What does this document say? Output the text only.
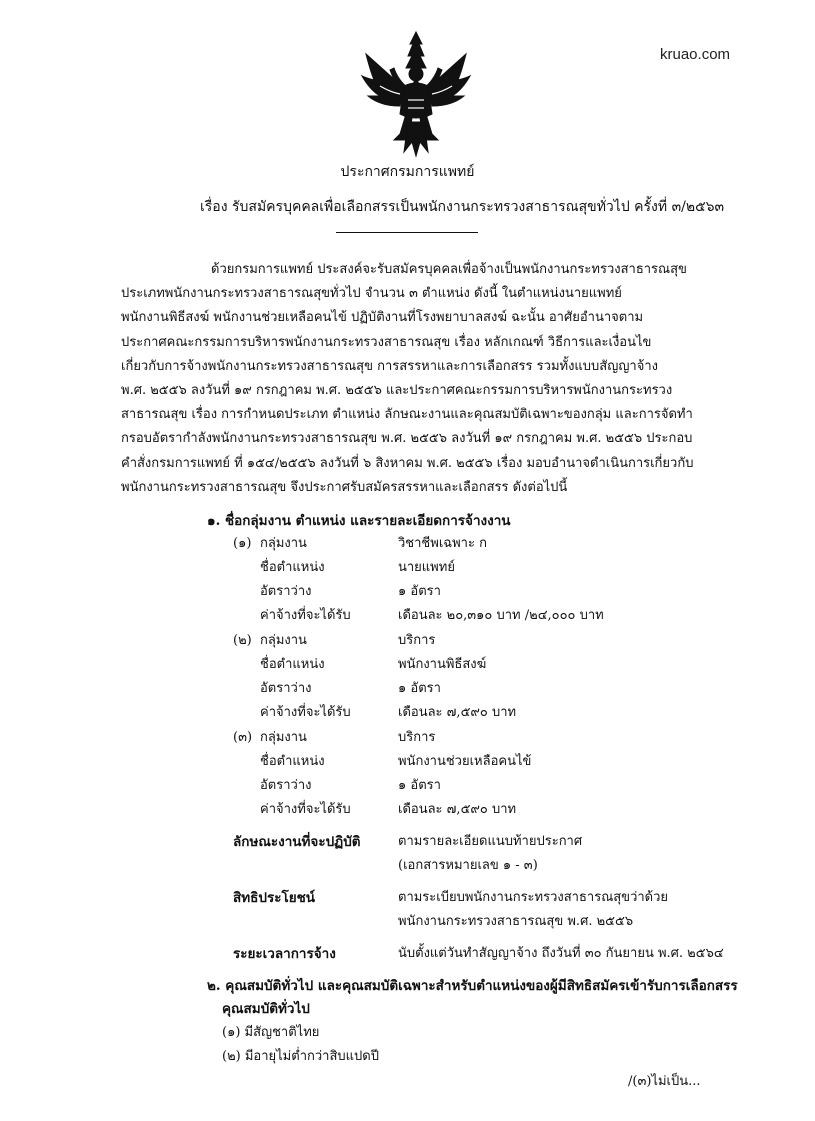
kruao.com
ประกาศกรมการแพทย์
เรื่อง รับสมัครบุคคลเพื่อเลือกสรรเป็นพนักงานกระทรวงสาธารณสุขทั่วไป ครั้งที่ ๓/๒๕๖๓
ด้วยกรมการแพทย์ ประสงค์จะรับสมัครบุคคลเพื่อจ้างเป็นพนักงานกระทรวงสาธารณสุข
ประเภทพนักงานกระทรวงสาธารณสุขทั่วไป จำนวน ๓ ตำแหน่ง ดังนี้ ในตำแหน่งนายแพทย์
พนักงานพิธีสงฆ์ พนักงานช่วยเหลือคนไข้ ปฏิบัติงานที่โรงพยาบาลสงฆ์ ฉะนั้น อาศัยอำนาจตาม
ประกาศคณะกรรมการบริหารพนักงานกระทรวงสาธารณสุข เรื่อง หลักเกณฑ์ วิธีการและเงื่อนไข
เกี่ยวกับการจ้างพนักงานกระทรวงสาธารณสุข การสรรหาและการเลือกสรร รวมทั้งแบบสัญญาจ้าง
พ.ศ. ๒๕๕๖ ลงวันที่ ๑๙ กรกฎาคม พ.ศ. ๒๕๕๖ และประกาศคณะกรรมการบริหารพนักงานกระทรวง
สาธารณสุข เรื่อง การกำหนดประเภท ตำแหน่ง ลักษณะงานและคุณสมบัติเฉพาะของกลุ่ม และการจัดทำ
กรอบอัตรากำลังพนักงานกระทรวงสาธารณสุข พ.ศ. ๒๕๕๖ ลงวันที่ ๑๙ กรกฎาคม พ.ศ. ๒๕๕๖ ประกอบ
คำสั่งกรมการแพทย์ ที่ ๑๕๔/๒๕๕๖ ลงวันที่ ๖ สิงหาคม พ.ศ. ๒๕๕๖ เรื่อง มอบอำนาจดำเนินการเกี่ยวกับ
พนักงานกระทรวงสาธารณสุข จึงประกาศรับสมัครสรรหาและเลือกสรร ดังต่อไปนี้
๑. ชื่อกลุ่มงาน ตำแหน่ง และรายละเอียดการจ้างงาน
(๑) กลุ่มงาน	วิชาชีพเฉพาะ ก
ชื่อตำแหน่ง	นายแพทย์
อัตราว่าง	๑ อัตรา
ค่าจ้างที่จะได้รับ	เดือนละ ๒๐,๓๑๐ บาท /๒๔,๐๐๐ บาท
(๒) กลุ่มงาน	บริการ
ชื่อตำแหน่ง	พนักงานพิธีสงฆ์
อัตราว่าง	๑ อัตรา
ค่าจ้างที่จะได้รับ	เดือนละ ๗,๕๙๐ บาท
(๓) กลุ่มงาน	บริการ
ชื่อตำแหน่ง	พนักงานช่วยเหลือคนไข้
อัตราว่าง	๑ อัตรา
ค่าจ้างที่จะได้รับ	เดือนละ ๗,๕๙๐ บาท
ลักษณะงานที่จะปฏิบัติ	ตามรายละเอียดแนบท้ายประกาศ
(เอกสารหมายเลข ๑ - ๓)
สิทธิประโยชน์	ตามระเบียบพนักงานกระทรวงสาธารณสุขว่าด้วย
พนักงานกระทรวงสาธารณสุข พ.ศ. ๒๕๕๖
ระยะเวลาการจ้าง	นับตั้งแต่วันทำสัญญาจ้าง ถึงวันที่ ๓๐ กันยายน พ.ศ. ๒๕๖๔
๒. คุณสมบัติทั่วไป และคุณสมบัติเฉพาะสำหรับตำแหน่งของผู้มีสิทธิสมัครเข้ารับการเลือกสรร
คุณสมบัติทั่วไป
(๑) มีสัญชาติไทย
(๒) มีอายุไม่ต่ำกว่าสิบแปดปี
/(๓)ไม่เป็น...
